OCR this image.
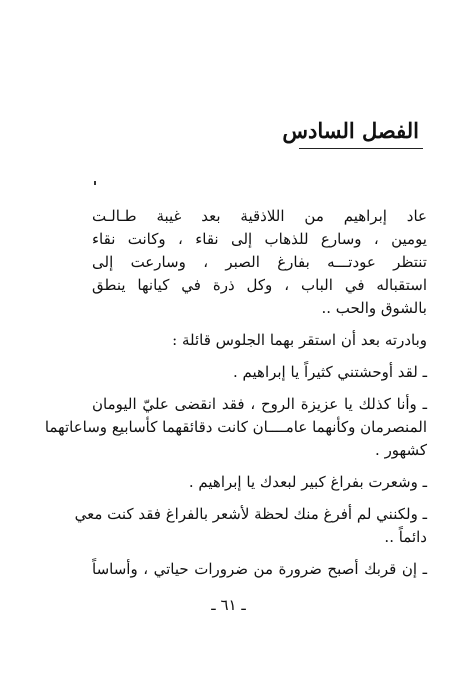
الفصل السادس
عاد إبراهيم من اللاذقية بعد غيبة طـالـت
يومين ، وسارع للذهاب إلى نقاء ، وكانت نقاء
تنتظر عودتـــه بفارغ الصبر ، وسارعت إلى
استقباله في الباب ، وكل ذرة في كيانها ينطق
بالشوق والحب ..
وبادرته بعد أن استقر بهما الجلوس قائلة :
ـ لقد أوحشتني كثيراً يا إبراهيم .
ـ وأنا كذلك يا عزيزة الروح ، فقد انقضى عليّ اليومان
المنصرمان وكأنهما عامــــان كانت دقائقهما كأسابيع وساعاتهما
كشهور .
ـ وشعرت بفراغ كبير لبعدك يا إبراهيم .
ـ ولكنني لم أفرغ منك لحظة لأشعر بالفراغ فقد كنت معي
دائماً ..
ـ إن قربك أصبح ضرورة من ضرورات حياتي ، وأساساً
ـ ٦١ ـ
